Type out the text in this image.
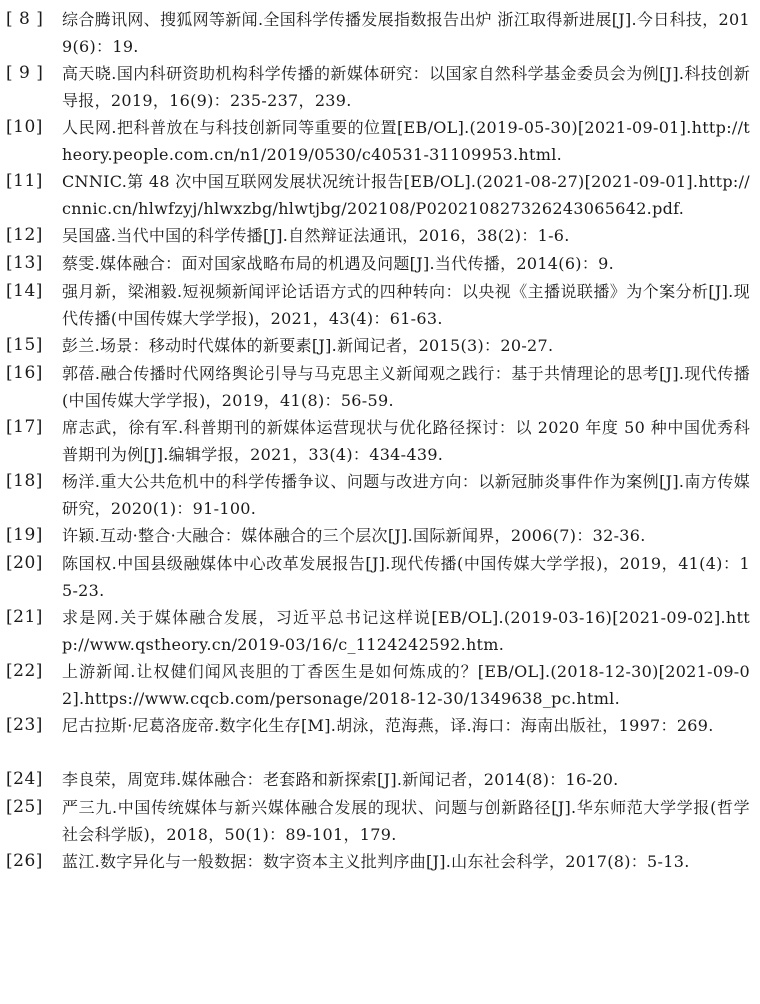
[ 8 ]	综合腾讯网、搜狐网等新闻.全国科学传播发展指数报告出炉 浙江取得新进展[J].今日科技，2019(6)：19.
[ 9 ]	高天晓.国内科研资助机构科学传播的新媒体研究：以国家自然科学基金委员会为例[J].科技创新导报，2019，16(9)：235-237，239.
[10]	人民网.把科普放在与科技创新同等重要的位置[EB/OL].(2019-05-30)[2021-09-01].http://theory.people.com.cn/n1/2019/0530/c40531-31109953.html.
[11]	CNNIC.第 48 次中国互联网发展状况统计报告[EB/OL].(2021-08-27)[2021-09-01].http://cnnic.cn/hlwfzyj/hlwxzbg/hlwtjbg/202108/P020210827326243065642.pdf.
[12]	吴国盛.当代中国的科学传播[J].自然辩证法通讯，2016，38(2)：1-6.
[13]	蔡雯.媒体融合：面对国家战略布局的机遇及问题[J].当代传播，2014(6)：9.
[14]	强月新，梁湘毅.短视频新闻评论话语方式的四种转向：以央视《主播说联播》为个案分析[J].现代传播(中国传媒大学学报)，2021，43(4)：61-63.
[15]	彭兰.场景：移动时代媒体的新要素[J].新闻记者，2015(3)：20-27.
[16]	郭蓓.融合传播时代网络舆论引导与马克思主义新闻观之践行：基于共情理论的思考[J].现代传播(中国传媒大学学报)，2019，41(8)：56-59.
[17]	席志武，徐有军.科普期刊的新媒体运营现状与优化路径探讨：以 2020 年度 50 种中国优秀科普期刊为例[J].编辑学报，2021，33(4)：434-439.
[18]	杨洋.重大公共危机中的科学传播争议、问题与改进方向：以新冠肺炎事件作为案例[J].南方传媒研究，2020(1)：91-100.
[19]	许颖.互动·整合·大融合：媒体融合的三个层次[J].国际新闻界，2006(7)：32-36.
[20]	陈国权.中国县级融媒体中心改革发展报告[J].现代传播(中国传媒大学学报)，2019，41(4)：15-23.
[21]	求是网.关于媒体融合发展，习近平总书记这样说[EB/OL].(2019-03-16)[2021-09-02].http://www.qstheory.cn/2019-03/16/c_1124242592.htm.
[22]	上游新闻.让权健们闻风丧胆的丁香医生是如何炼成的？[EB/OL].(2018-12-30)[2021-09-02].https://www.cqcb.com/personage/2018-12-30/1349638_pc.html.
[23]	尼古拉斯·尼葛洛庞帝.数字化生存[M].胡泳，范海燕，译.海口：海南出版社，1997：269.
[24]	李良荣，周宽玮.媒体融合：老套路和新探索[J].新闻记者，2014(8)：16-20.
[25]	严三九.中国传统媒体与新兴媒体融合发展的现状、问题与创新路径[J].华东师范大学学报(哲学社会科学版)，2018，50(1)：89-101，179.
[26]	蓝江.数字异化与一般数据：数字资本主义批判序曲[J].山东社会科学，2017(8)：5-13.
